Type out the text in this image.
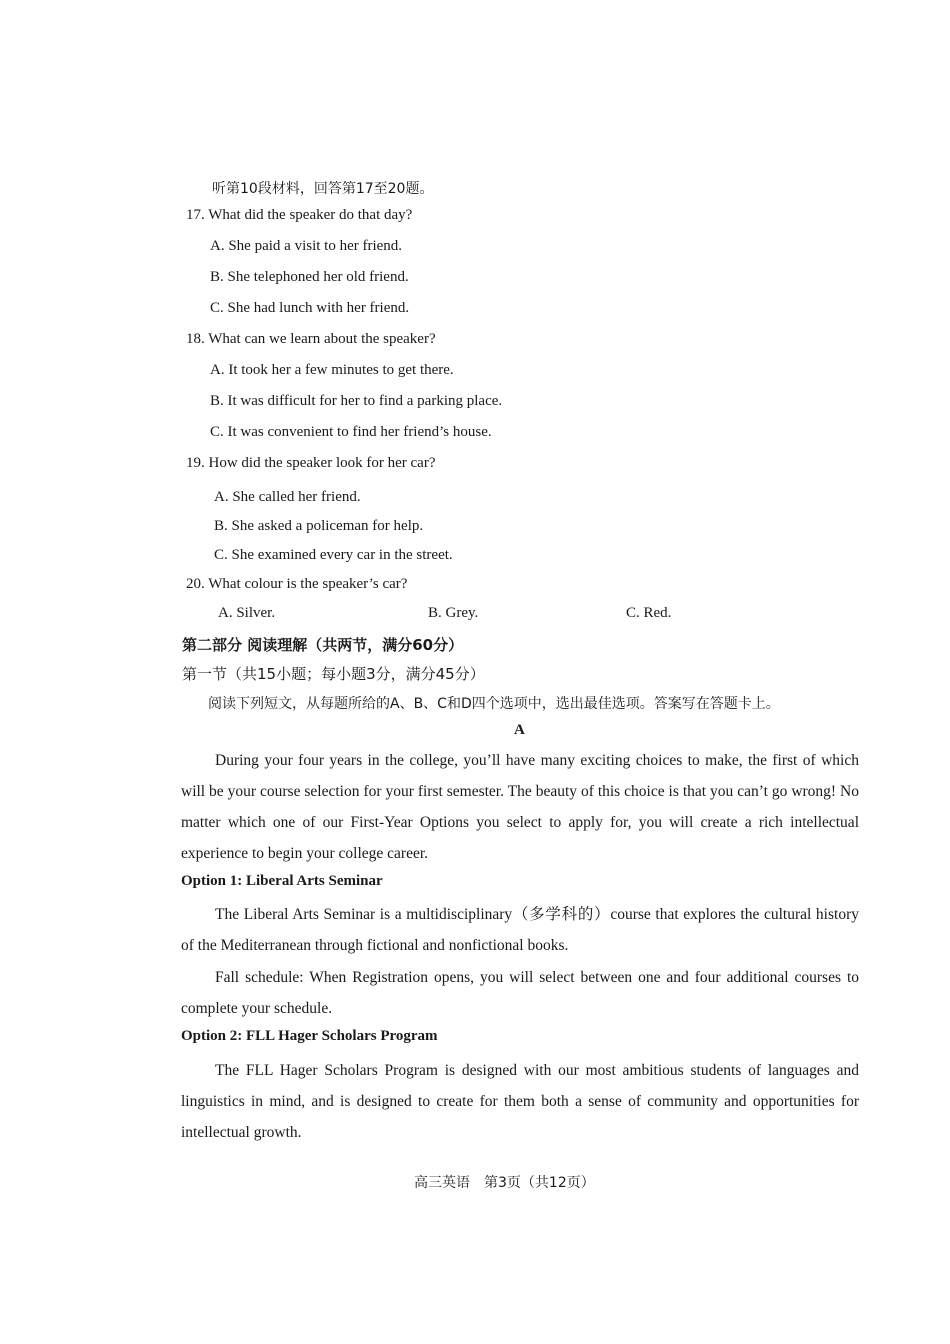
听第10段材料，回答第17至20题。
17. What did the speaker do that day?
A. She paid a visit to her friend.
B. She telephoned her old friend.
C. She had lunch with her friend.
18. What can we learn about the speaker?
A. It took her a few minutes to get there.
B. It was difficult for her to find a parking place.
C. It was convenient to find her friend’s house.
19. How did the speaker look for her car?
A. She called her friend.
B. She asked a policeman for help.
C. She examined every car in the street.
20. What colour is the speaker’s car?
A. Silver.	B. Grey.	C. Red.
第二部分 阅读理解（共两节，满分60分）
第一节（共15小题；每小题3分，满分45分）
阅读下列短文，从每题所给的A、B、C和D四个选项中，选出最佳选项。答案写在答题卡上。
A
During your four years in the college, you’ll have many exciting choices to make, the first of which will be your course selection for your first semester. The beauty of this choice is that you can’t go wrong! No matter which one of our First-Year Options you select to apply for, you will create a rich intellectual experience to begin your college career.
Option 1: Liberal Arts Seminar
The Liberal Arts Seminar is a multidisciplinary（多学科的）course that explores the cultural history of the Mediterranean through fictional and nonfictional books.
Fall schedule: When Registration opens, you will select between one and four additional courses to complete your schedule.
Option 2: FLL Hager Scholars Program
The FLL Hager Scholars Program is designed with our most ambitious students of languages and linguistics in mind, and is designed to create for them both a sense of community and opportunities for intellectual growth.
高三英语　第3页（共12页）
